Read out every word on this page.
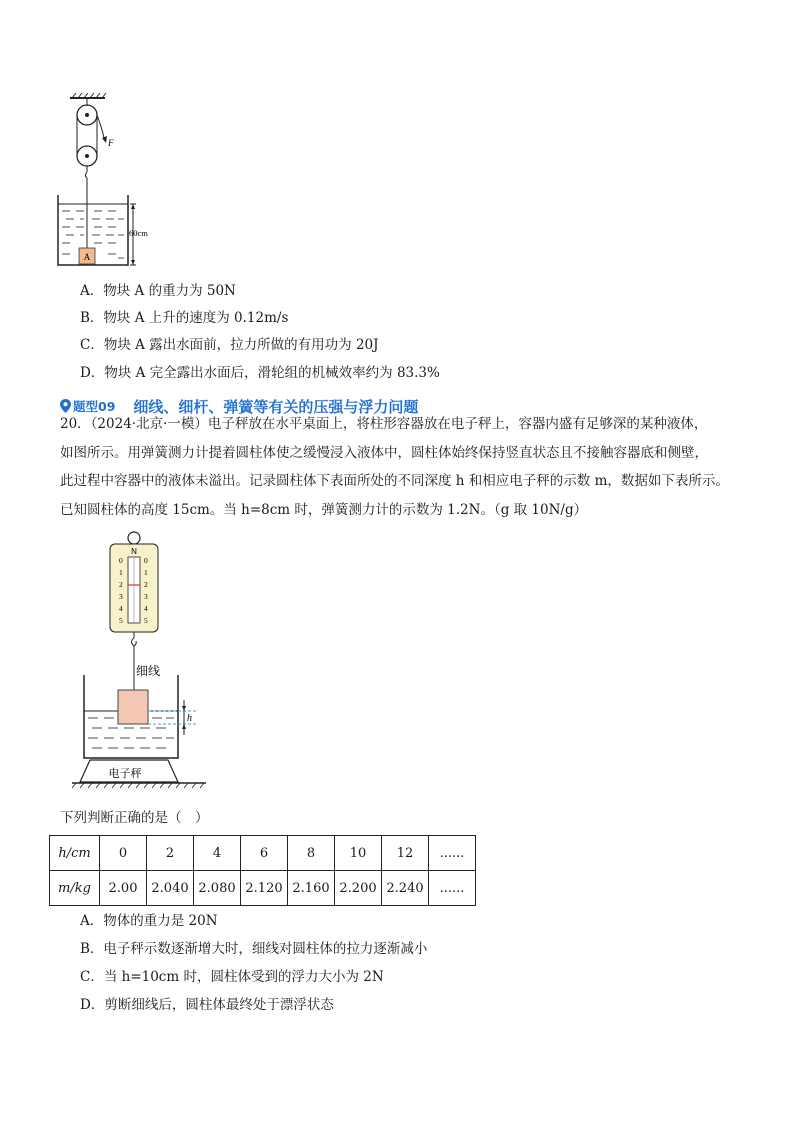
F
A
60cm
A．物块 A 的重力为 50N
B．物块 A 上升的速度为 0.12m/s
C．物块 A 露出水面前，拉力所做的有用功为 20J
D．物块 A 完全露出水面后，滑轮组的机械效率约为 83.3%
题型09 细线、细杆、弹簧等有关的压强与浮力问题
20．（2024·北京·一模）电子秤放在水平桌面上，将柱形容器放在电子秤上，容器内盛有足够深的某种液体，
如图所示。用弹簧测力计提着圆柱体使之缓慢浸入液体中，圆柱体始终保持竖直状态且不接触容器底和侧壁，
此过程中容器中的液体未溢出。记录圆柱体下表面所处的不同深度 h 和相应电子秤的示数 m，数据如下表所示。
已知圆柱体的高度 15cm。当 h=8cm 时，弹簧测力计的示数为 1.2N。（g 取 10N/g）
N
0
1
2
3
4
5
0
1
2
3
4
5
细线
h
电子秤
下列判断正确的是（　）
h/cm	0	2	4	6	8	10	12	......
m/kg	2.00	2.040	2.080	2.120	2.160	2.200	2.240	......
A．物体的重力是 20N
B．电子秤示数逐渐增大时，细线对圆柱体的拉力逐渐减小
C．当 h=10cm 时，圆柱体受到的浮力大小为 2N
D．剪断细线后，圆柱体最终处于漂浮状态
